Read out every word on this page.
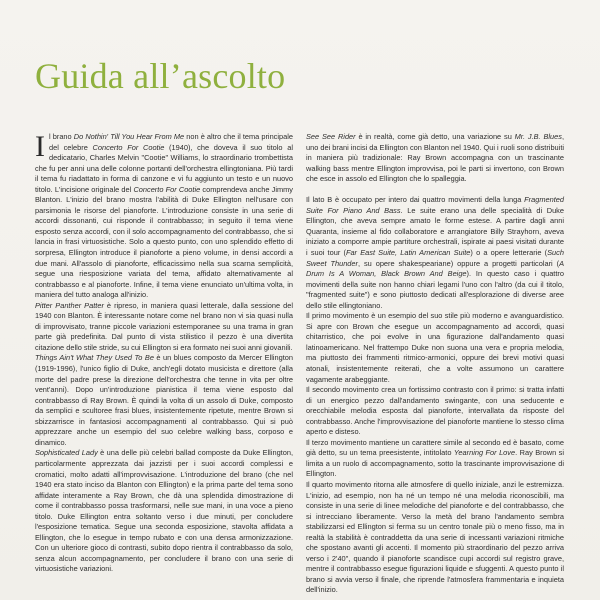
Guida all’ascolto

Il brano Do Nothin' Till You Hear From Me non è altro che il tema principale del celebre Concerto For Cootie (1940), che doveva il suo titolo al dedicatario, Charles Melvin "Cootie" Williams, lo straordinario trombettista che fu per anni una delle colonne portanti dell'orchestra ellingtoniana. Più tardi il tema fu riadattato in forma di canzone e vi fu aggiunto un testo e un nuovo titolo. L'incisione originale del Concerto For Cootie comprendeva anche Jimmy Blanton. L'inizio del brano mostra l'abilità di Duke Ellington nell'usare con parsimonia le risorse del pianoforte. L'introduzione consiste in una serie di accordi dissonanti, cui risponde il contrabbasso; in seguito il tema viene esposto senza accordi, con il solo accompagnamento del contrabbasso, che si lancia in frasi virtuosistiche. Solo a questo punto, con uno splendido effetto di sorpresa, Ellington introduce il pianoforte a pieno volume, in densi accordi a due mani. All'assolo di pianoforte, efficacissimo nella sua scarna semplicità, segue una riesposizione variata del tema, affidato alternativamente al contrabbasso e al pianoforte. Infine, il tema viene enunciato un'ultima volta, in maniera del tutto analoga all'inizio.

Pitter Panther Patter è ripreso, in maniera quasi letterale, dalla sessione del 1940 con Blanton. È interessante notare come nel brano non vi sia quasi nulla di improvvisato, tranne piccole variazioni estemporanee su una trama in gran parte già predefinita. Dal punto di vista stilistico il pezzo è una divertita citazione dello stile stride, su cui Ellington si era formato nei suoi anni giovanili.

Things Ain't What They Used To Be è un blues composto da Mercer Ellington (1919-1996), l'unico figlio di Duke, anch'egli dotato musicista e direttore (alla morte del padre prese la direzione dell'orchestra che tenne in vita per oltre vent'anni). Dopo un'introduzione pianistica il tema viene esposto dal contrabbasso di Ray Brown. È quindi la volta di un assolo di Duke, composto da semplici e scultoree frasi blues, insistentemente ripetute, mentre Brown si sbizzarrisce in fantasiosi accompagnamenti al contrabbasso. Qui si può apprezzare anche un esempio del suo celebre walking bass, corposo e dinamico.

Sophisticated Lady è una delle più celebri ballad composte da Duke Ellington, particolarmente apprezzata dai jazzisti per i suoi accordi complessi e cromatici, molto adatti all'improvvisazione. L'introduzione del brano (che nel 1940 era stato inciso da Blanton con Ellington) e la prima parte del tema sono affidate interamente a Ray Brown, che dà una splendida dimostrazione di come il contrabbasso possa trasformarsi, nelle sue mani, in una voce a pieno titolo. Duke Ellington entra soltanto verso i due minuti, per concludere l'esposizione tematica. Segue una seconda esposizione, stavolta affidata a Ellington, che lo esegue in tempo rubato e con una densa armonizzazione. Con un ulteriore gioco di contrasti, subito dopo rientra il contrabbasso da solo, senza alcun accompagnamento, per concludere il brano con una serie di virtuosistiche variazioni.

See See Rider è in realtà, come già detto, una variazione su Mr. J.B. Blues, uno dei brani incisi da Ellington con Blanton nel 1940. Qui i ruoli sono distribuiti in maniera più tradizionale: Ray Brown accompagna con un trascinante walking bass mentre Ellington improvvisa, poi le parti si invertono, con Brown che esce in assolo ed Ellington che lo spalleggia.

Il lato B è occupato per intero dai quattro movimenti della lunga Fragmented Suite For Piano And Bass. Le suite erano una delle specialità di Duke Ellington, che aveva sempre amato le forme estese. A partire dagli anni Quaranta, insieme al fido collaboratore e arrangiatore Billy Strayhorn, aveva iniziato a comporre ampie partiture orchestrali, ispirate ai paesi visitati durante i suoi tour (Far East Suite, Latin American Suite) o a opere letterarie (Such Sweet Thunder, su opere shakespeariane) oppure a progetti particolari (A Drum Is A Woman, Black Brown And Beige). In questo caso i quattro movimenti della suite non hanno chiari legami l'uno con l'altro (da cui il titolo, "fragmented suite") e sono piuttosto dedicati all'esplorazione di diverse aree dello stile ellingtoniano.

Il primo movimento è un esempio del suo stile più moderno e avanguardistico. Si apre con Brown che esegue un accompagnamento ad accordi, quasi chitarristico, che poi evolve in una figurazione dall'andamento quasi latinoamericano. Nel frattempo Duke non suona una vera e propria melodia, ma piuttosto dei frammenti ritmico-armonici, oppure dei brevi motivi quasi atonali, insistentemente reiterati, che a volte assumono un carattere vagamente arabeggiante.

Il secondo movimento crea un fortissimo contrasto con il primo: si tratta infatti di un energico pezzo dall'andamento swingante, con una seducente e orecchiabile melodia esposta dal pianoforte, intervallata da risposte del contrabbasso. Anche l'improvvisazione del pianoforte mantiene lo stesso clima aperto e disteso.

Il terzo movimento mantiene un carattere simile al secondo ed è basato, come già detto, su un tema preesistente, intitolato Yearning For Love. Ray Brown si limita a un ruolo di accompagnamento, sotto la trascinante improvvisazione di Ellington.

Il quarto movimento ritorna alle atmosfere di quello iniziale, anzi le estremizza. L'inizio, ad esempio, non ha né un tempo né una melodia riconoscibili, ma consiste in una serie di linee melodiche del pianoforte e del contrabbasso, che si intrecciano liberamente. Verso la metà del brano l'andamento sembra stabilizzarsi ed Ellington si ferma su un centro tonale più o meno fisso, ma in realtà la stabilità è contraddetta da una serie di incessanti variazioni ritmiche che spostano avanti gli accenti. Il momento più straordinario del pezzo arriva verso i 2'40", quando il pianoforte scandisce cupi accordi sul registro grave, mentre il contrabbasso esegue figurazioni liquide e sfuggenti. A questo punto il brano si avvia verso il finale, che riprende l'atmosfera frammentaria e inquieta dell'inizio.
